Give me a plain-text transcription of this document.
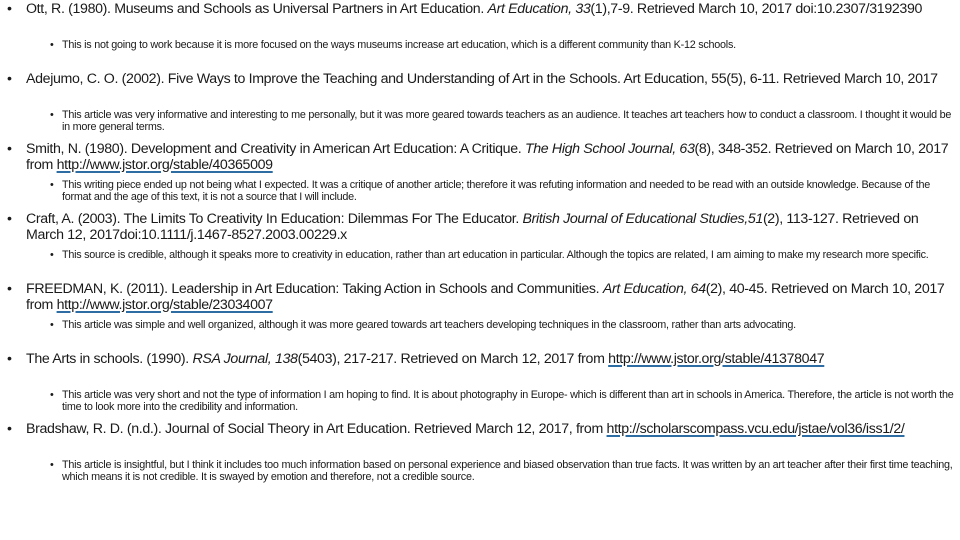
• Ott, R. (1980). Museums and Schools as Universal Partners in Art Education. Art Education, 33(1),7-9. Retrieved March 10, 2017 doi:10.2307/3192390
• This is not going to work because it is more focused on the ways museums increase art education, which is a different community than K-12 schools.
• Adejumo, C. O. (2002). Five Ways to Improve the Teaching and Understanding of Art in the Schools. Art Education, 55(5), 6-11. Retrieved March 10, 2017
• This article was very informative and interesting to me personally, but it was more geared towards teachers as an audience. It teaches art teachers how to conduct a classroom. I thought it would be in more general terms.
• Smith, N. (1980). Development and Creativity in American Art Education: A Critique. The High School Journal, 63(8), 348-352. Retrieved on March 10, 2017 from http://www.jstor.org/stable/40365009
• This writing piece ended up not being what I expected. It was a critique of another article; therefore it was refuting information and needed to be read with an outside knowledge. Because of the format and the age of this text, it is not a source that I will include.
• Craft, A. (2003). The Limits To Creativity In Education: Dilemmas For The Educator. British Journal of Educational Studies,51(2), 113-127. Retrieved on March 12, 2017doi:10.1111/j.1467-8527.2003.00229.x
• This source is credible, although it speaks more to creativity in education, rather than art education in particular. Although the topics are related, I am aiming to make my research more specific.
• FREEDMAN, K. (2011). Leadership in Art Education: Taking Action in Schools and Communities. Art Education, 64(2), 40-45. Retrieved on March 10, 2017 from http://www.jstor.org/stable/23034007
• This article was simple and well organized, although it was more geared towards art teachers developing techniques in the classroom, rather than arts advocating.
• The Arts in schools. (1990). RSA Journal, 138(5403), 217-217. Retrieved on March 12, 2017 from http://www.jstor.org/stable/41378047
• This article was very short and not the type of information I am hoping to find. It is about photography in Europe- which is different than art in schools in America. Therefore, the article is not worth the time to look more into the credibility and information.
• Bradshaw, R. D. (n.d.). Journal of Social Theory in Art Education. Retrieved March 12, 2017, from http://scholarscompass.vcu.edu/jstae/vol36/iss1/2/
• This article is insightful, but I think it includes too much information based on personal experience and biased observation than true facts. It was written by an art teacher after their first time teaching, which means it is not credible. It is swayed by emotion and therefore, not a credible source.
